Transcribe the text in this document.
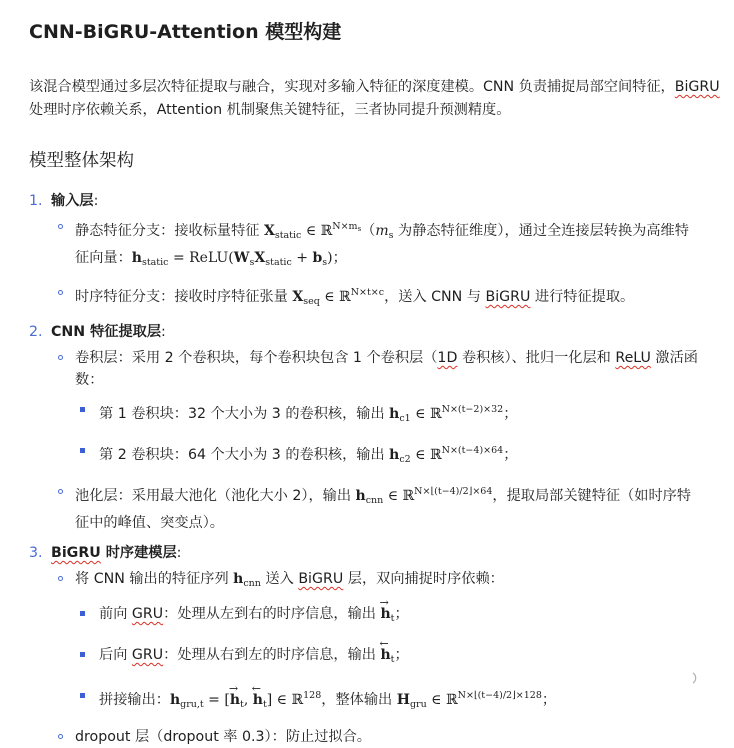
CNN-BiGRU-Attention 模型构建

该混合模型通过多层次特征提取与融合，实现对多输入特征的深度建模。CNN 负责捕捉局部空间特征，BiGRU 处理时序依赖关系，Attention 机制聚焦关键特征，三者协同提升预测精度。

模型整体架构
1. 输入层:
静态特征分支：接收标量特征 $X_{static}$ ∈ $ℝ^{N\times m_s}(m_s$ 为静态特征维度），通过全连接层转换为高维特征向量：$h_{static}$ = $ReLU(W_sX_{static} + b_s)$；
时序特征分支：接收时序特征张量 $X_{seq}$ ∈ ℝ$^{N\times t\times c}$，送入 CNN 与 BiGRU 进行特征提取。
2. CNN 特征提取层:
卷积层：采用 2 个卷积块，每个卷积块包含 1 个卷积层（1D 卷积核）、批归一化层和 ReLU 激活函数：
第 1 卷积块：32 个大小为 3 的卷积核，输出 $h_{c1}$ ∈ ℝ$^{N\times(t-2)\times 32}$；
第 2 卷积块：64 个大小为 3 的卷积核，输出 $h_{c2}$ ∈ ℝ$^{N\times(t-4)\times 64}$；
池化层：采用最大池化（池化大小 2），输出 $h_{cnn}$ ∈ ℝ$^{N\times⌊(t-4)/2⌋\times 64}$，提取局部关键特征（如时序特征中的峰值、突变点）。
3. BiGRU 时序建模层:
将 CNN 输出的特征序列 $h_{cnn}$ 送入 BiGRU 层，双向捕捉时序依赖：
前向 GRU：处理从左到右的时序信息，输出
→
$h_t$；
后向 GRU：处理从右到左的时序信息，输出
←
$h_t$；
拼接输出：$h_{gru,t}$ = [
→
$h_t$,
←
$h_t$] ∈ ℝ$^{128}$，整体输出 $H_{gru}$ ∈ ℝ$^{N\times⌊(t-4)/2⌋\times 128}$；
dropout 层（dropout 率 0.3）：防止过拟合。
